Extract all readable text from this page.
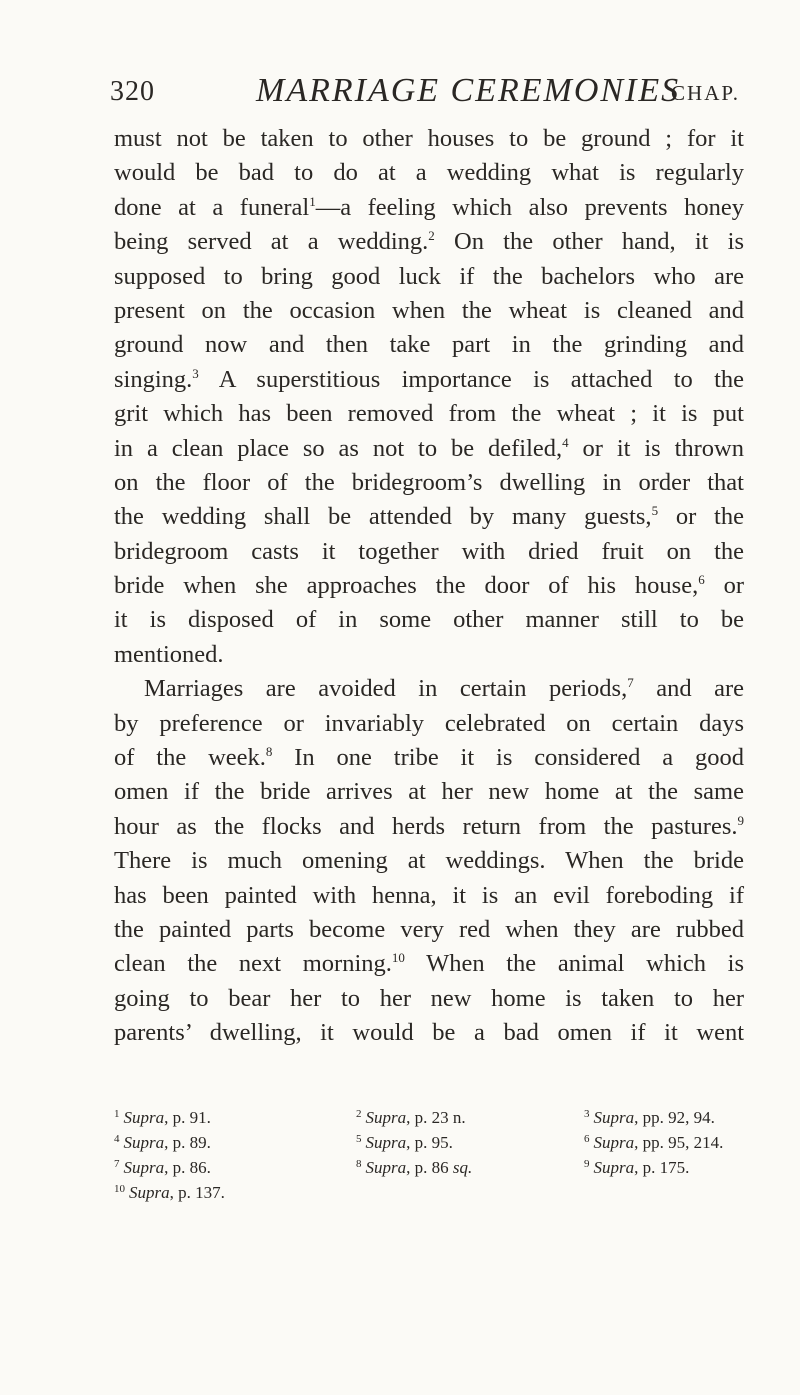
320	MARRIAGE CEREMONIES
CHAP.
must not be taken to other houses to be ground ; for it
would be bad to do at a wedding what is regularly
done at a funeral$^1$—a feeling which also prevents honey
being served at a wedding.$^2$ On the other hand, it is
supposed to bring good luck if the bachelors who are
present on the occasion when the wheat is cleaned and
ground now and then take part in the grinding and
singing.$^3$ A superstitious importance is attached to the
grit which has been removed from the wheat ; it is put
in a clean place so as not to be defiled,$^4$ or it is thrown
on the floor of the bridegroom’s dwelling in order that
the wedding shall be attended by many guests,$^5$ or the
bridegroom casts it together with dried fruit on the
bride when she approaches the door of his house,$^6$ or
it is disposed of in some other manner still to be
mentioned.
Marriages are avoided in certain periods,$^7$ and are
by preference or invariably celebrated on certain days
of the week.$^8$ In one tribe it is considered a good
omen if the bride arrives at her new home at the same
hour as the flocks and herds return from the pastures.$^9$
There is much omening at weddings. When the bride
has been painted with henna, it is an evil foreboding if
the painted parts become very red when they are rubbed
clean the next morning.$^{10}$ When the animal which is
going to bear her to her new home is taken to her
parents’ dwelling, it would be a bad omen if it went
$^1$ Supra, p. 91.	$^2$ Supra, p. 23 n.	$^3$ Supra, pp. 92, 94.
$^4$ Supra, p. 89.	$^5$ Supra, p. 95.	$^6$ Supra, pp. 95, 214.
$^7$ Supra, p. 86.	$^8$ Supra, p. 86 sq.	$^9$ Supra, p. 175.
$^{10}$ Supra, p. 137.
